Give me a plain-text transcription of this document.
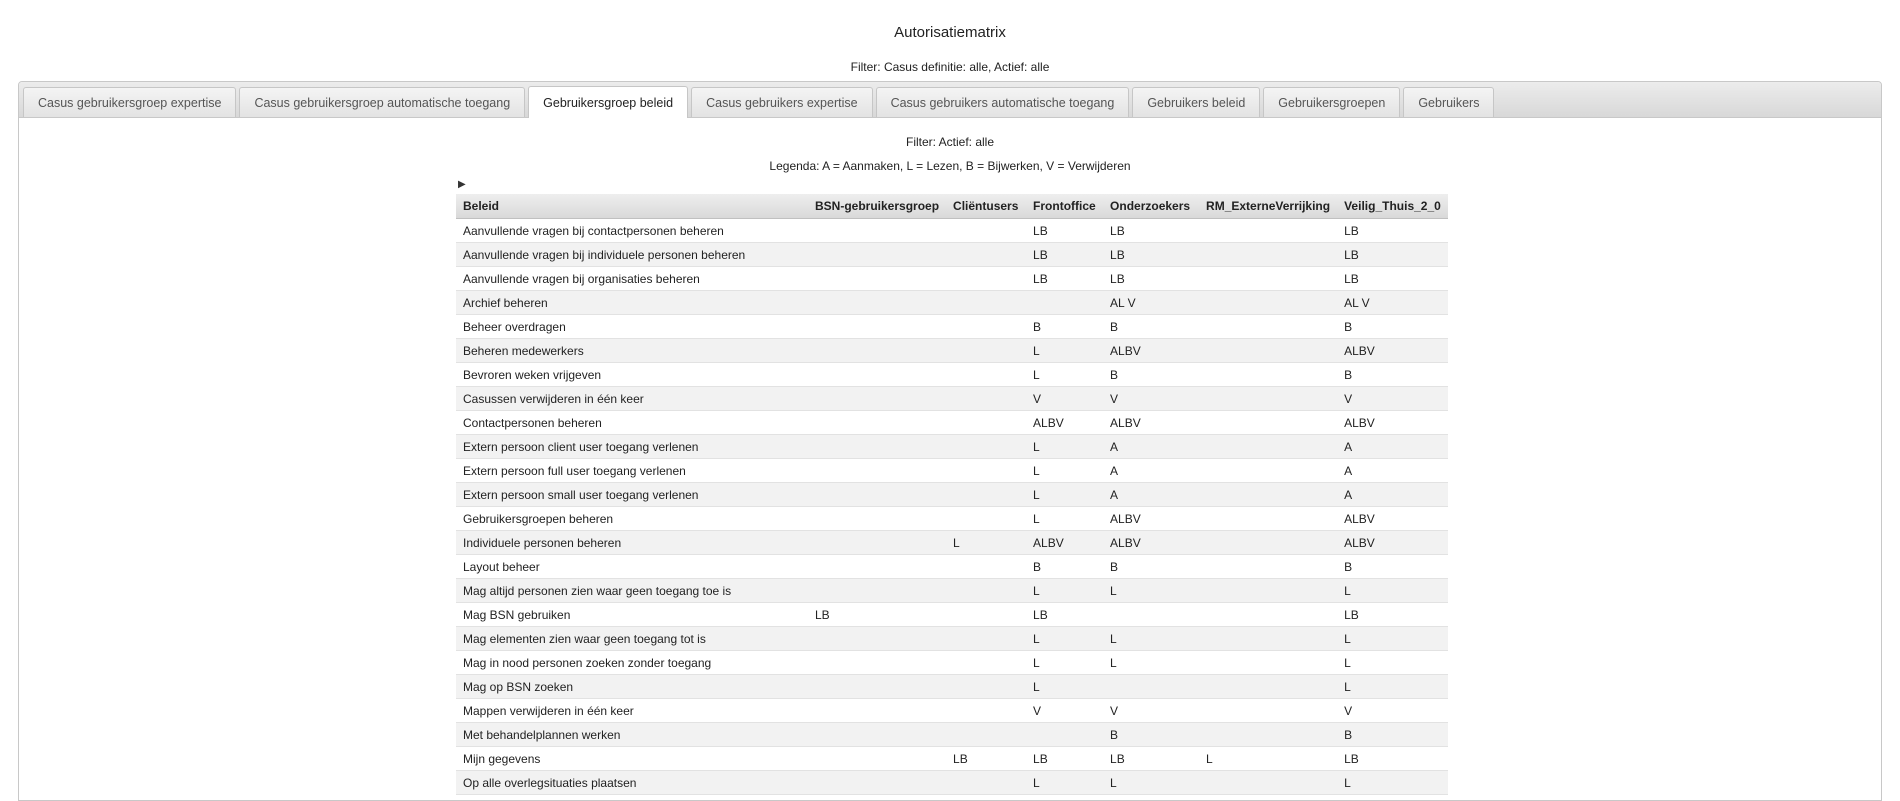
Autorisatiematrix
Filter: Casus definitie: alle, Actief: alle
Casus gebruikersgroep expertise	Casus gebruikersgroep automatische toegang	Gebruikersgroep beleid	Casus gebruikers expertise	Casus gebruikers automatische toegang	Gebruikers beleid	Gebruikersgroepen	Gebruikers
Filter: Actief: alle
Legenda: A = Aanmaken, L = Lezen, B = Bijwerken, V = Verwijderen
▶
Beleid	BSN-gebruikersgroep	Cliëntusers	Frontoffice	Onderzoekers	RM_ExterneVerrijking	Veilig_Thuis_2_0
Aanvullende vragen bij contactpersonen beheren			LB	LB		LB
Aanvullende vragen bij individuele personen beheren			LB	LB		LB
Aanvullende vragen bij organisaties beheren			LB	LB		LB
Archief beheren				AL V		AL V
Beheer overdragen			B	B		B
Beheren medewerkers			L	ALBV		ALBV
Bevroren weken vrijgeven			L	B		B
Casussen verwijderen in één keer			V	V		V
Contactpersonen beheren			ALBV	ALBV		ALBV
Extern persoon client user toegang verlenen			L	A		A
Extern persoon full user toegang verlenen			L	A		A
Extern persoon small user toegang verlenen			L	A		A
Gebruikersgroepen beheren			L	ALBV		ALBV
Individuele personen beheren		L	ALBV	ALBV		ALBV
Layout beheer			B	B		B
Mag altijd personen zien waar geen toegang toe is			L	L		L
Mag BSN gebruiken	LB		LB			LB
Mag elementen zien waar geen toegang tot is			L	L		L
Mag in nood personen zoeken zonder toegang			L	L		L
Mag op BSN zoeken			L			L
Mappen verwijderen in één keer			V	V		V
Met behandelplannen werken				B		B
Mijn gegevens		LB	LB	LB	L	LB
Op alle overlegsituaties plaatsen			L	L		L
